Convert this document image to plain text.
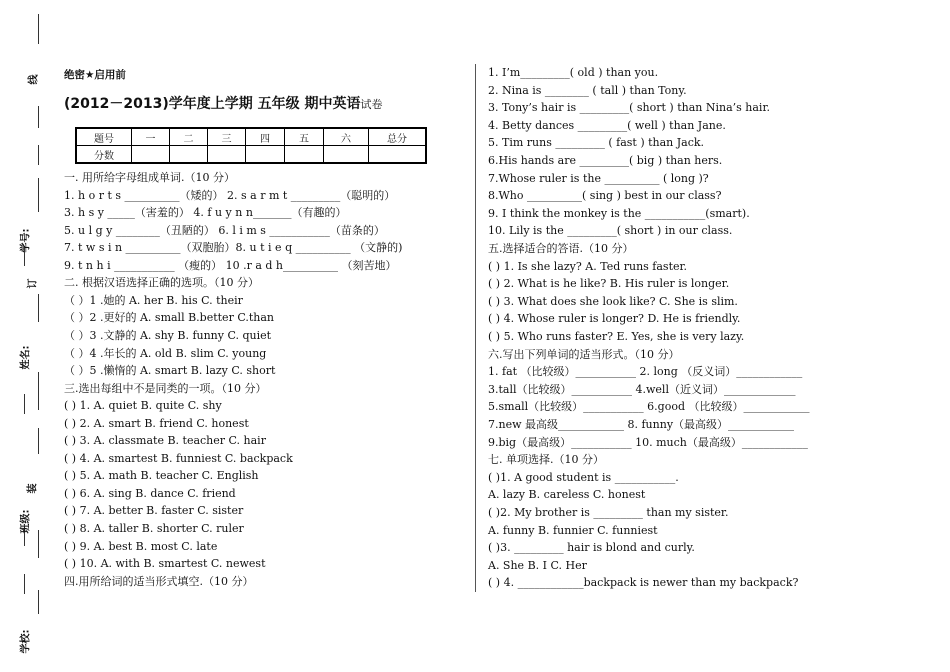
线
学号:
订
姓名:
装
班级:
学校:
绝密★启用前
(2012－2013)学年度上学期 五年级 期中英语试卷
题号	一	二	三	四	五	六	总分
分数							
一. 用所给字母组成单词.（10 分）
1. h o r t s __________（矮的） 2. s a r m t _________（聪明的）
3. h s y _____（害羞的） 4. f u y n n_______（有趣的）
5. u l g y ________（丑陋的） 6. l i m s ___________（苗条的）
7. t w s i n __________（双胞胎）8. u t i e q __________ （文静的)
9. t n h i ___________ （瘦的） 10 .r a d h__________ （刻苦地）
二. 根据汉语选择正确的选项。（10 分）
（ ）1 .她的 A. her B. his C. their
（ ）2 .更好的 A. small B.better C.than
（ ）3 .文静的 A. shy B. funny C. quiet
（ ）4 .年长的 A. old B. slim C. young
（ ）5 .懒惰的 A. smart B. lazy C. short
三.选出每组中不是同类的一项。（10 分）
( ) 1. A. quiet B. quite C. shy
( ) 2. A. smart B. friend C. honest
( ) 3. A. classmate B. teacher C. hair
( ) 4. A. smartest B. funniest C. backpack
( ) 5. A. math B. teacher C. English
( ) 6. A. sing B. dance C. friend
( ) 7. A. better B. faster C. sister
( ) 8. A. taller B. shorter C. ruler
( ) 9. A. best B. most C. late
( ) 10. A. with B. smartest C. newest
四.用所给词的适当形式填空.（10 分）
1. I’m_________( old ) than you.
2. Nina is ________ ( tall ) than Tony.
3. Tony’s hair is _________( short ) than Nina’s hair.
4. Betty dances _________( well ) than Jane.
5. Tim runs _________ ( fast ) than Jack.
6.His hands are _________( big ) than hers.
7.Whose ruler is the __________ ( long )?
8.Who __________( sing ) best in our class?
9. I think the monkey is the ___________(smart).
10. Lily is the _________( short ) in our class.
五.选择适合的答语.（10 分）
( ) 1. Is she lazy? A. Ted runs faster.
( ) 2. What is he like? B. His ruler is longer.
( ) 3. What does she look like? C. She is slim.
( ) 4. Whose ruler is longer? D. He is friendly.
( ) 5. Who runs faster? E. Yes, she is very lazy.
六.写出下列单词的适当形式。（10 分）
1. fat （比较级）___________ 2. long （反义词）____________
3.tall（比较级）___________ 4.well（近义词）_____________
5.small（比较级）___________ 6.good （比较级）____________
7.new 最高级____________ 8. funny（最高级）____________
9.big（最高级）___________ 10. much（最高级）____________
七. 单项选择.（10 分）
( )1. A good student is ___________.
A. lazy B. careless C. honest
( )2. My brother is _________ than my sister.
A. funny B. funnier C. funniest
( )3. _________ hair is blond and curly.
A. She B. I C. Her
( ) 4. ____________backpack is newer than my backpack?
